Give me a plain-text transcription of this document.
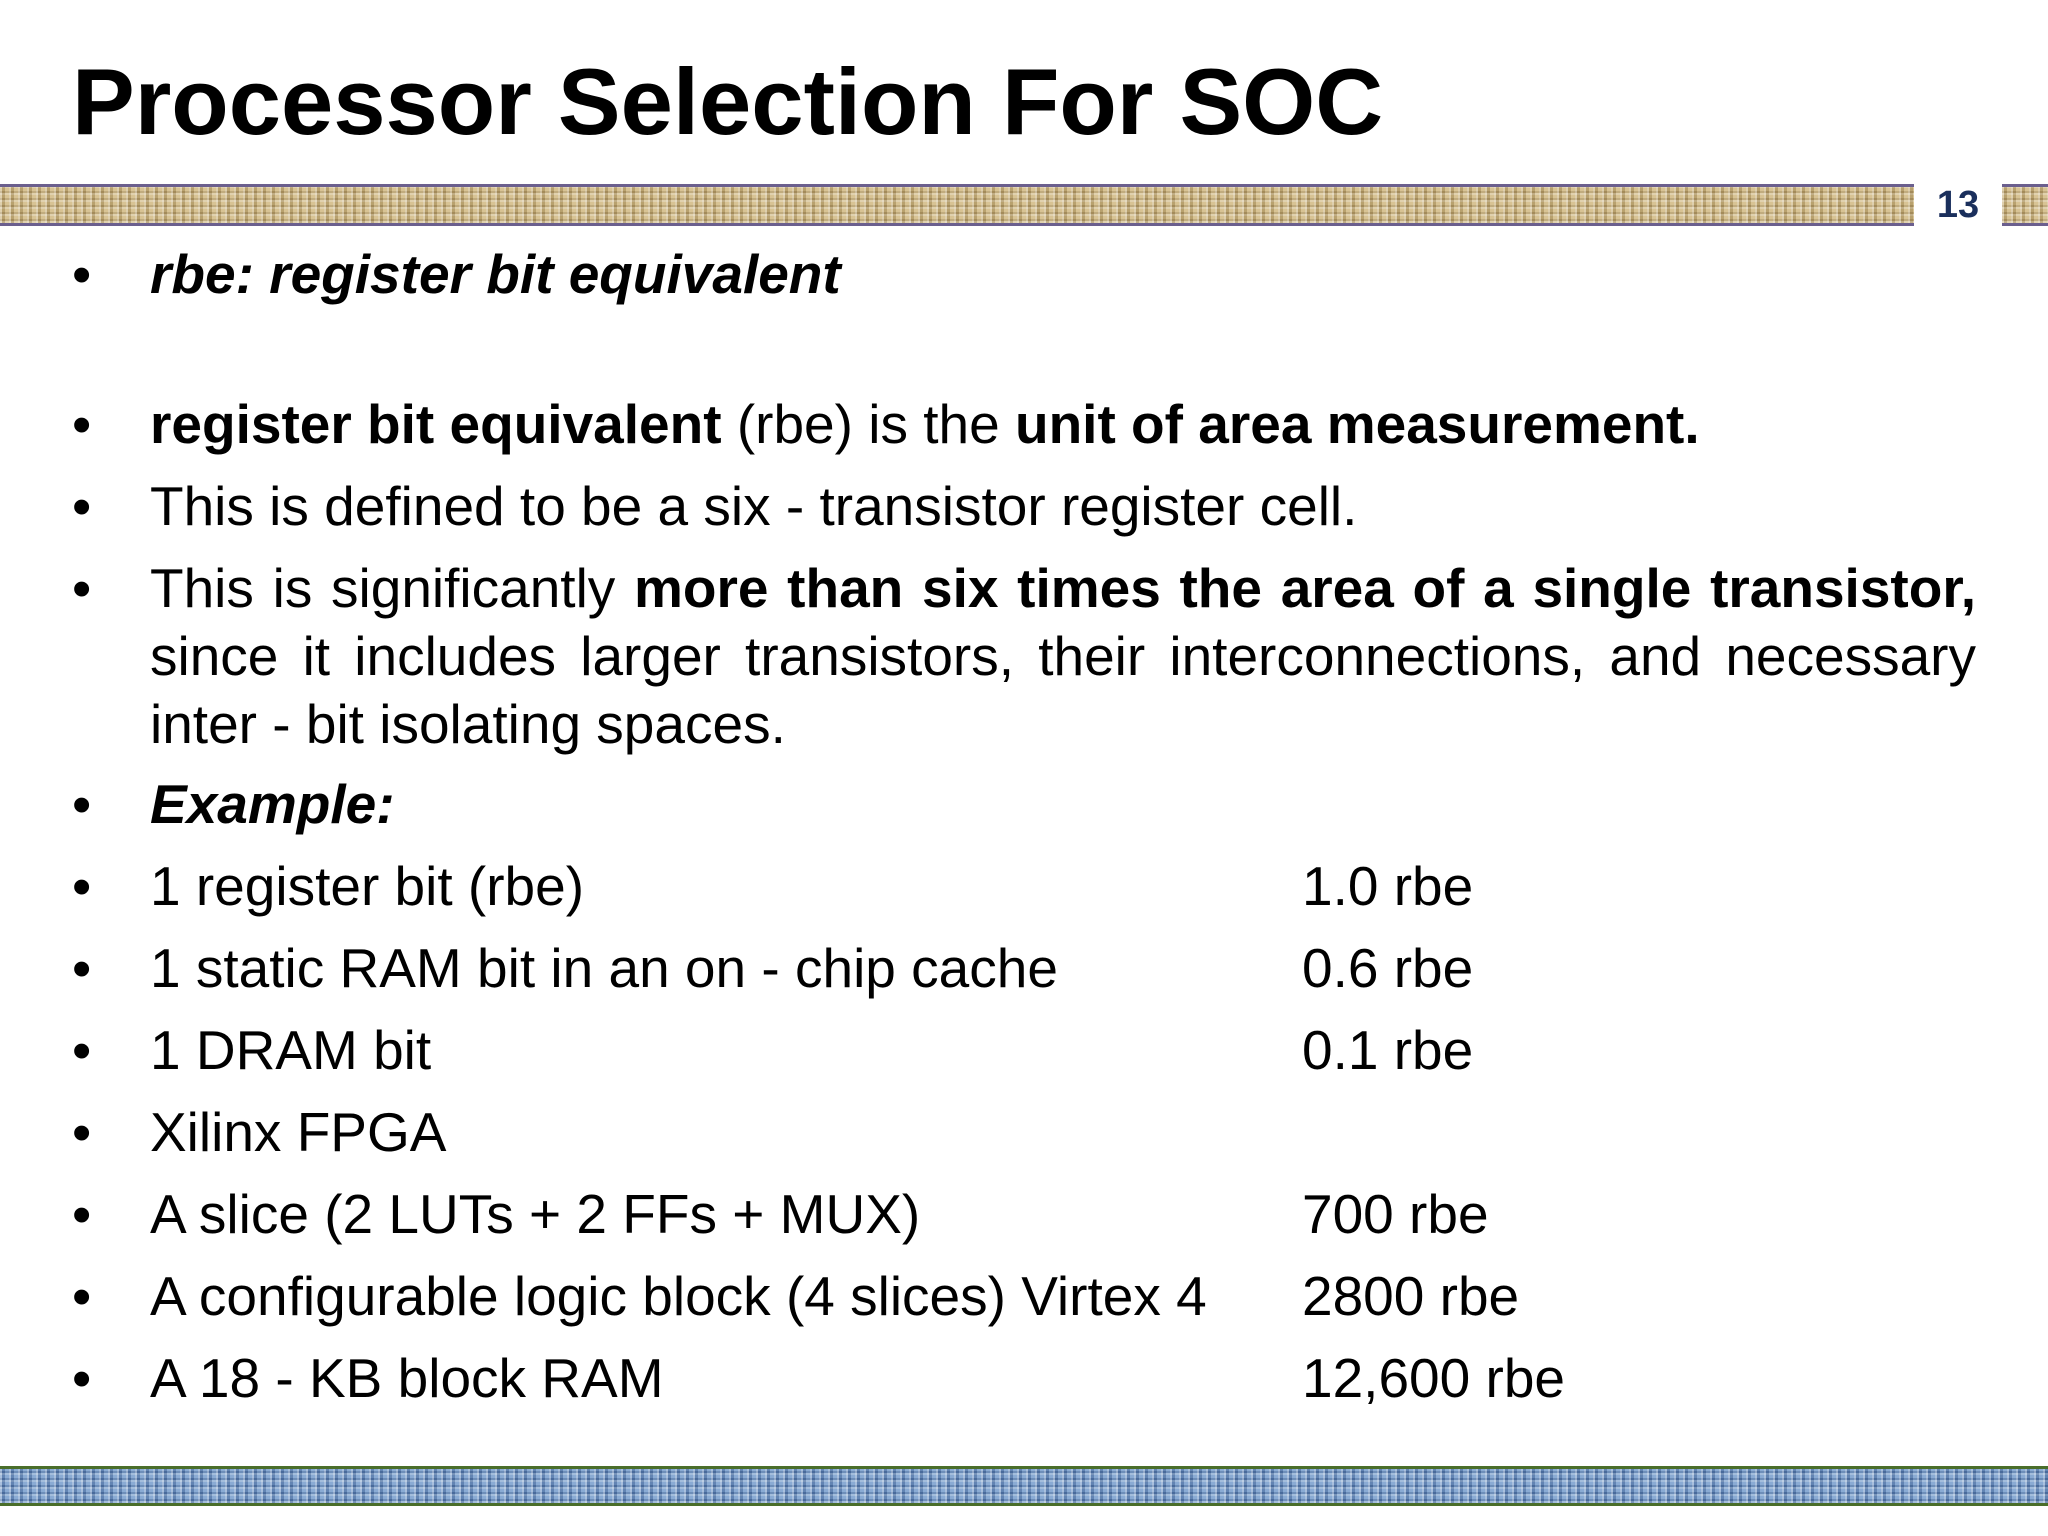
Processor Selection For SOC
13
• rbe: register bit equivalent
• register bit equivalent (rbe) is the unit of area measurement.
• This is defined to be a six - transistor register cell.
• This is significantly more than six times the area of a single transistor, since it includes larger transistors, their interconnections, and necessary inter - bit isolating spaces.
• Example:
• 1 register bit (rbe)	1.0 rbe
• 1 static RAM bit in an on - chip cache	0.6 rbe
• 1 DRAM bit	0.1 rbe
• Xilinx FPGA
• A slice (2 LUTs + 2 FFs + MUX)	700 rbe
• A configurable logic block (4 slices) Virtex 4 2800 rbe
• A 18 - KB block RAM	12,600 rbe
